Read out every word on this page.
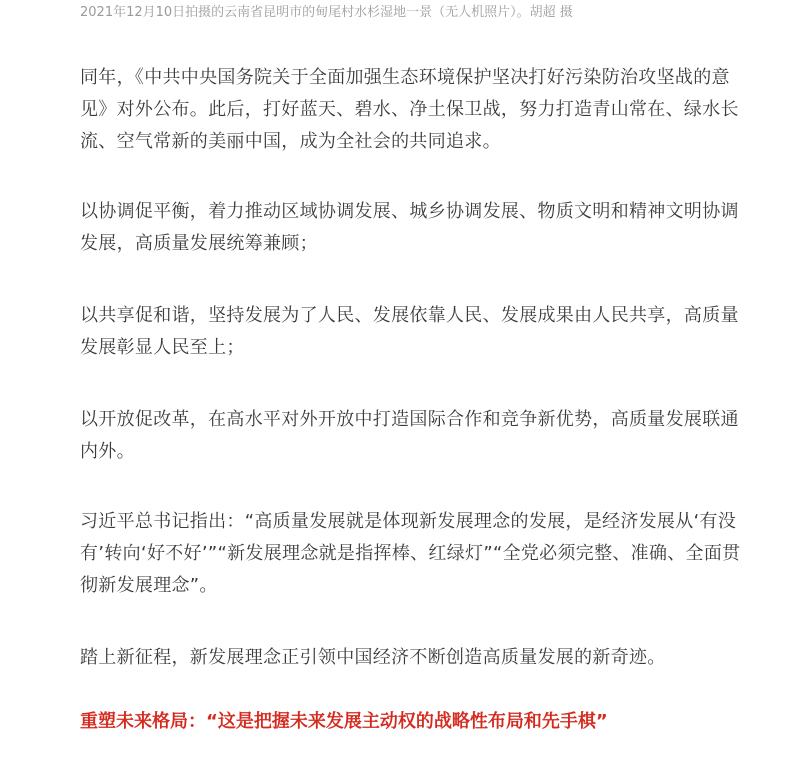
2021年12月10日拍摄的云南省昆明市的甸尾村水杉湿地一景（无人机照片）。胡超 摄

同年，《中共中央国务院关于全面加强生态环境保护坚决打好污染防治攻坚战的意见》对外公布。此后，打好蓝天、碧水、净土保卫战，努力打造青山常在、绿水长流、空气常新的美丽中国，成为全社会的共同追求。

以协调促平衡，着力推动区域协调发展、城乡协调发展、物质文明和精神文明协调发展，高质量发展统筹兼顾；

以共享促和谐，坚持发展为了人民、发展依靠人民、发展成果由人民共享，高质量发展彰显人民至上；

以开放促改革，在高水平对外开放中打造国际合作和竞争新优势，高质量发展联通内外。

习近平总书记指出：“高质量发展就是体现新发展理念的发展，是经济发展从‘有没有’转向‘好不好’”“新发展理念就是指挥棒、红绿灯”“全党必须完整、准确、全面贯彻新发展理念”。

踏上新征程，新发展理念正引领中国经济不断创造高质量发展的新奇迹。

重塑未来格局：“这是把握未来发展主动权的战略性布局和先手棋”
